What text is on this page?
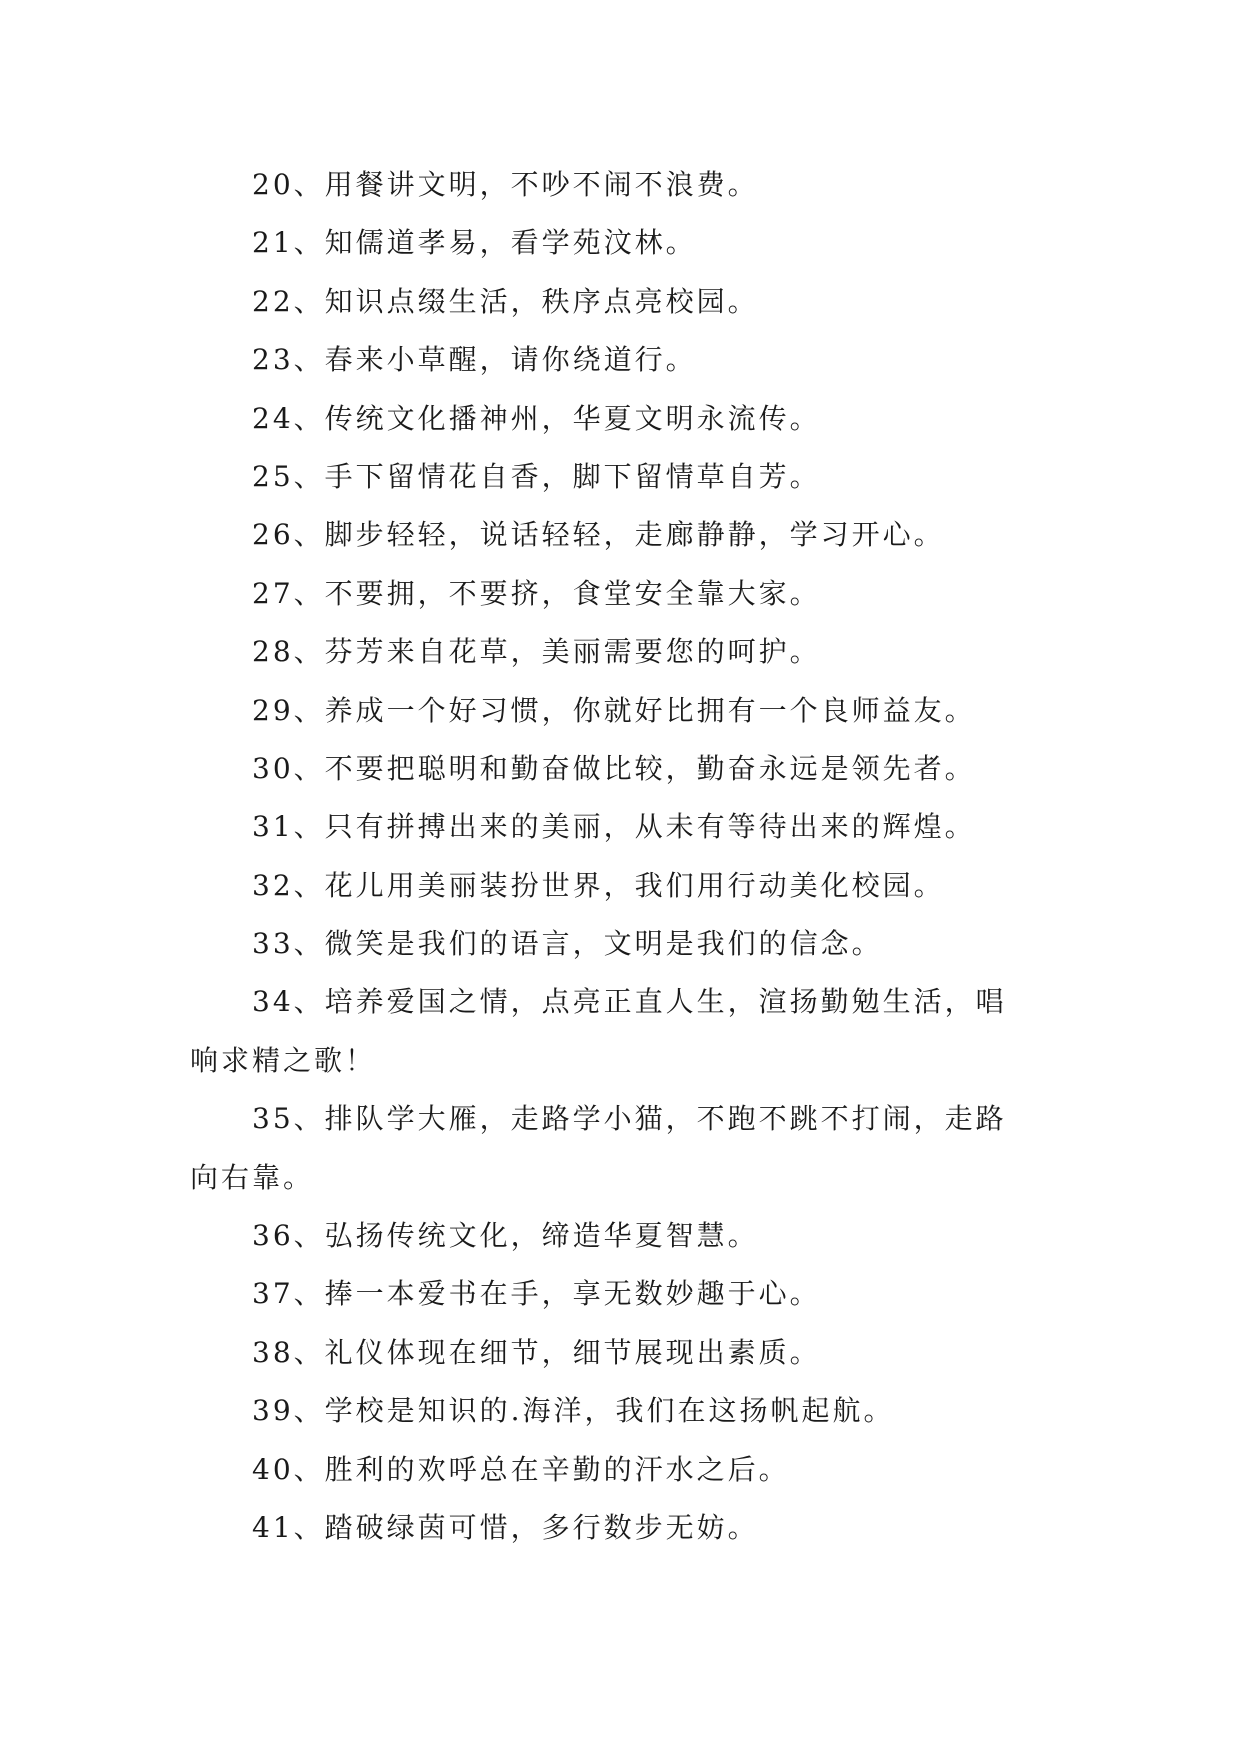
20、用餐讲文明，不吵不闹不浪费。
21、知儒道孝易，看学苑汶林。
22、知识点缀生活，秩序点亮校园。
23、春来小草醒，请你绕道行。
24、传统文化播神州，华夏文明永流传。
25、手下留情花自香，脚下留情草自芳。
26、脚步轻轻，说话轻轻，走廊静静，学习开心。
27、不要拥，不要挤，食堂安全靠大家。
28、芬芳来自花草，美丽需要您的呵护。
29、养成一个好习惯，你就好比拥有一个良师益友。
30、不要把聪明和勤奋做比较，勤奋永远是领先者。
31、只有拼搏出来的美丽，从未有等待出来的辉煌。
32、花儿用美丽装扮世界，我们用行动美化校园。
33、微笑是我们的语言，文明是我们的信念。
34、培养爱国之情，点亮正直人生，渲扬勤勉生活，唱
响求精之歌！
35、排队学大雁，走路学小猫，不跑不跳不打闹，走路
向右靠。
36、弘扬传统文化，缔造华夏智慧。
37、捧一本爱书在手，享无数妙趣于心。
38、礼仪体现在细节，细节展现出素质。
39、学校是知识的.海洋，我们在这扬帆起航。
40、胜利的欢呼总在辛勤的汗水之后。
41、踏破绿茵可惜，多行数步无妨。
